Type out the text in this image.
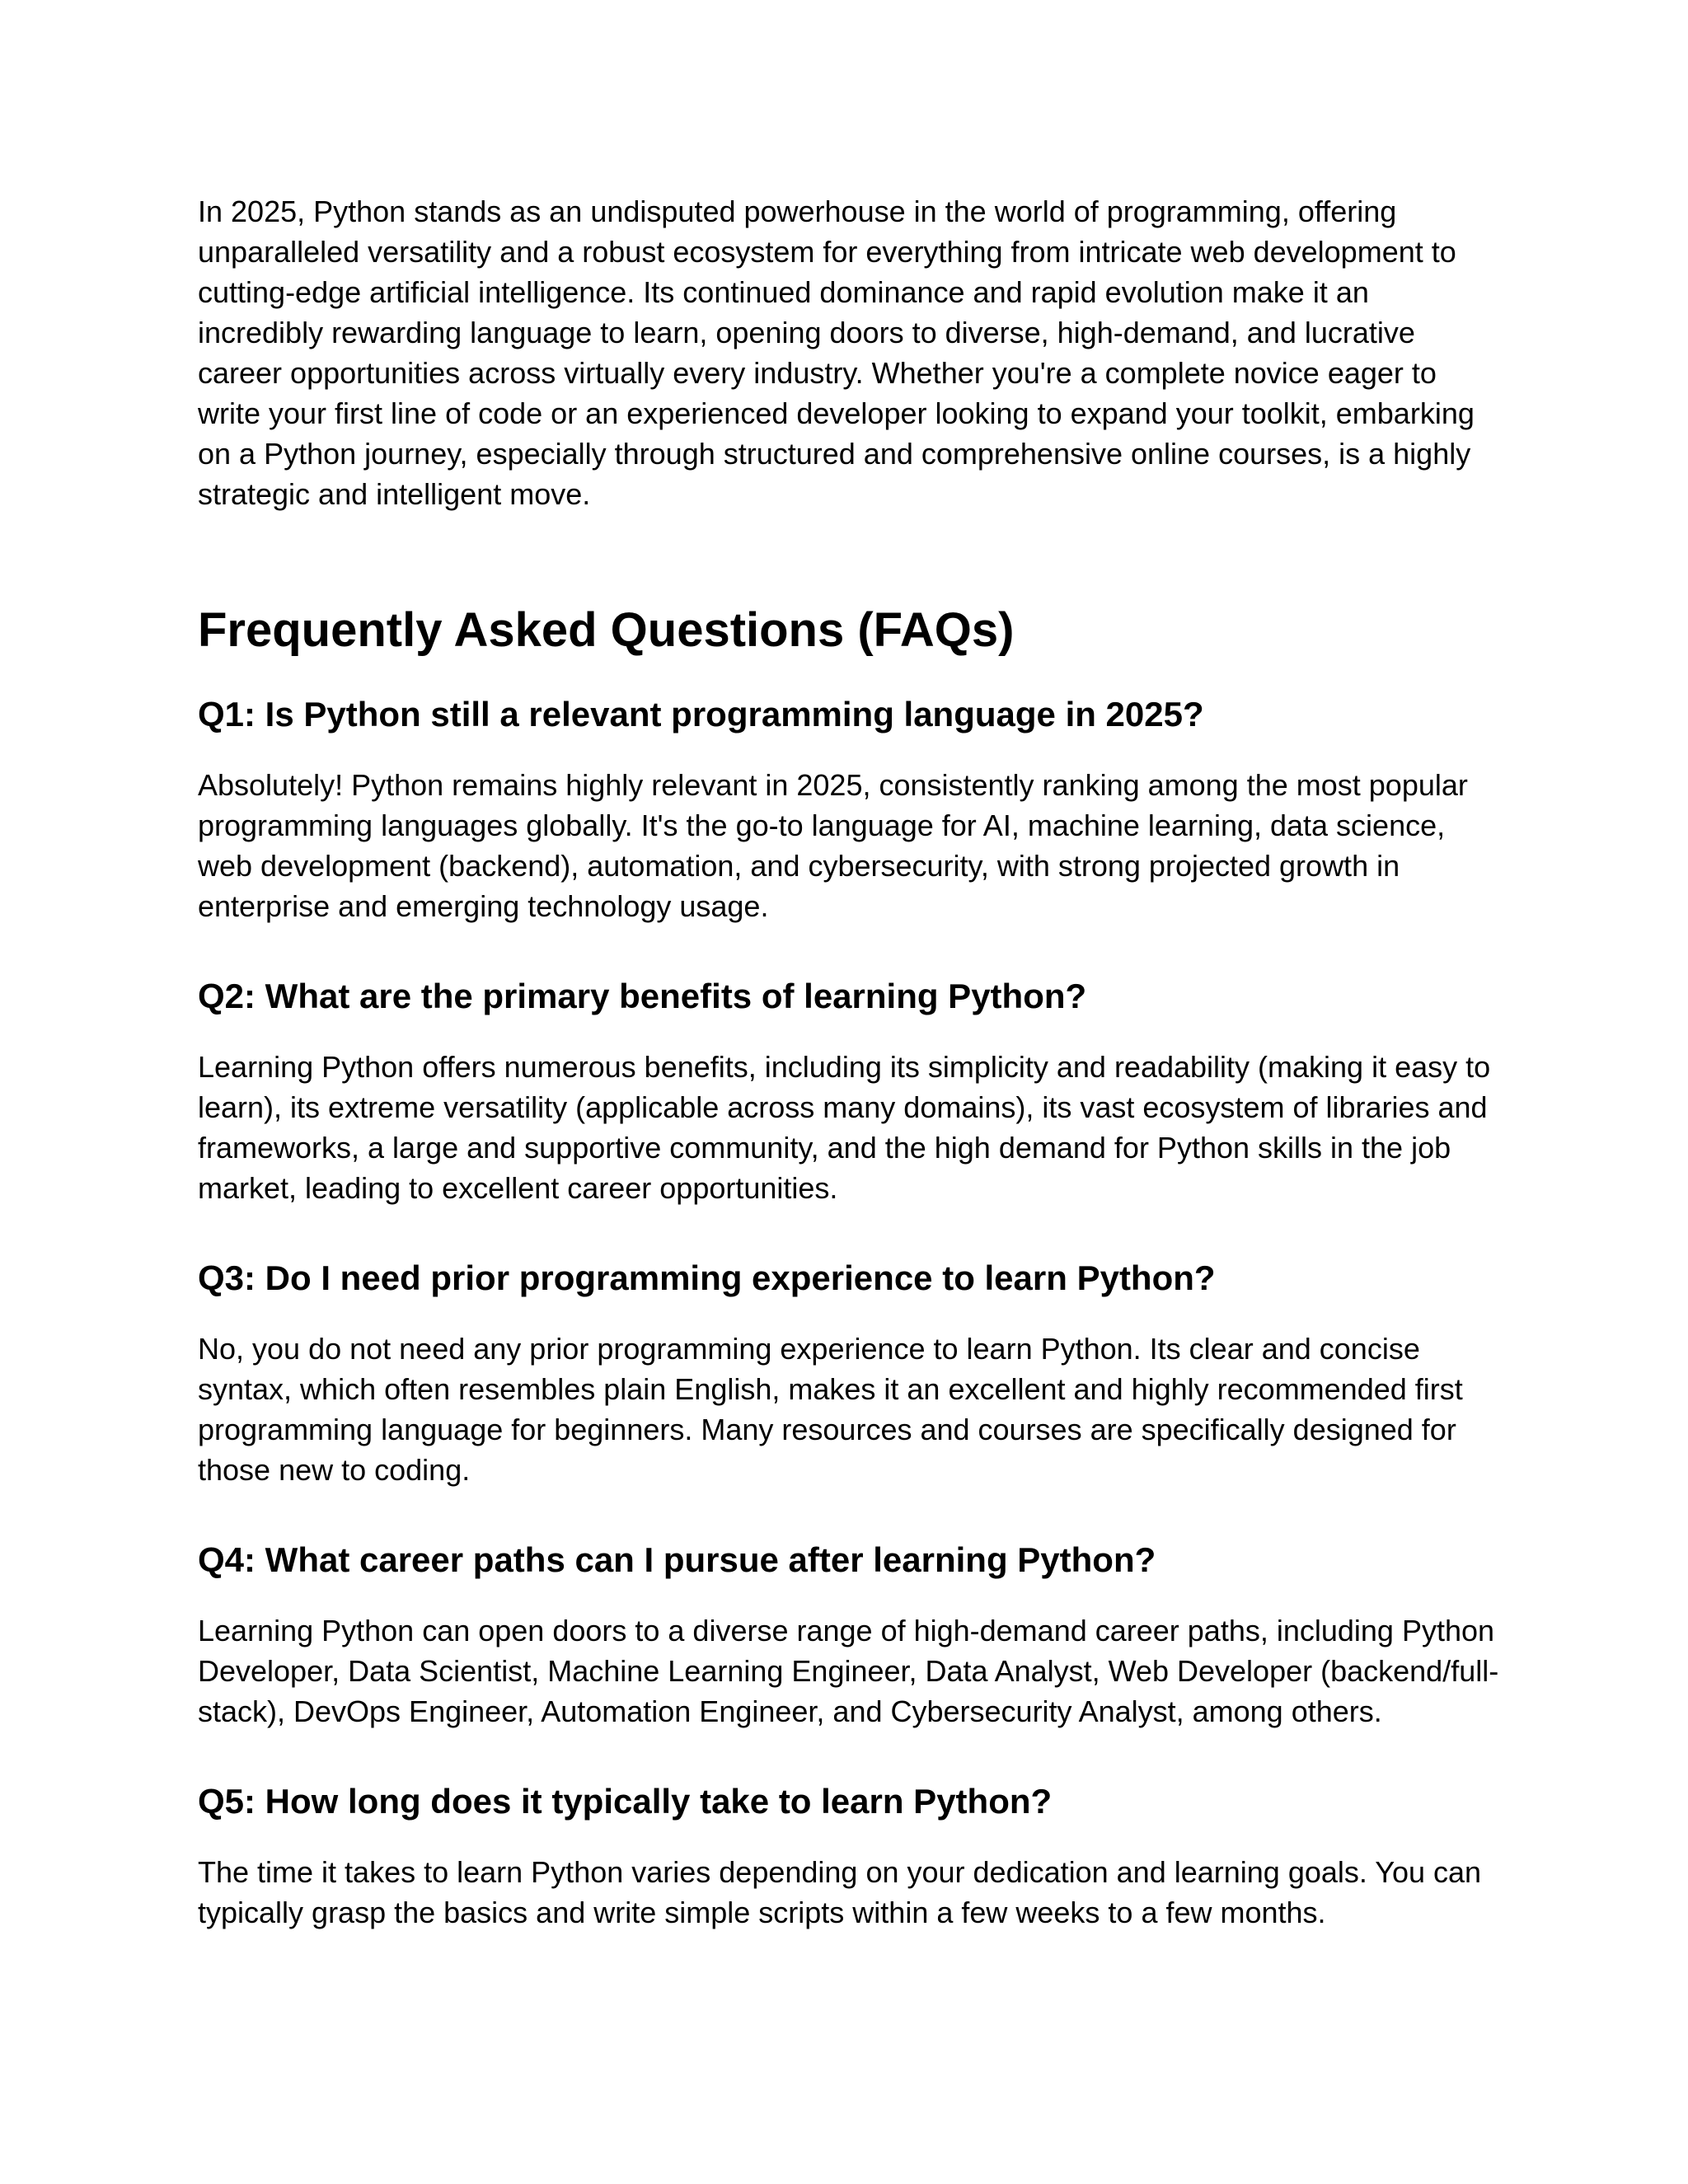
In 2025, Python stands as an undisputed powerhouse in the world of programming, offering unparalleled versatility and a robust ecosystem for everything from intricate web development to cutting-edge artificial intelligence. Its continued dominance and rapid evolution make it an incredibly rewarding language to learn, opening doors to diverse, high-demand, and lucrative career opportunities across virtually every industry. Whether you're a complete novice eager to write your first line of code or an experienced developer looking to expand your toolkit, embarking on a Python journey, especially through structured and comprehensive online courses, is a highly strategic and intelligent move.

Frequently Asked Questions (FAQs)
Q1: Is Python still a relevant programming language in 2025?

Absolutely! Python remains highly relevant in 2025, consistently ranking among the most popular programming languages globally. It's the go-to language for AI, machine learning, data science, web development (backend), automation, and cybersecurity, with strong projected growth in enterprise and emerging technology usage.

Q2: What are the primary benefits of learning Python?

Learning Python offers numerous benefits, including its simplicity and readability (making it easy to learn), its extreme versatility (applicable across many domains), its vast ecosystem of libraries and frameworks, a large and supportive community, and the high demand for Python skills in the job market, leading to excellent career opportunities.

Q3: Do I need prior programming experience to learn Python?

No, you do not need any prior programming experience to learn Python. Its clear and concise syntax, which often resembles plain English, makes it an excellent and highly recommended first programming language for beginners. Many resources and courses are specifically designed for those new to coding.

Q4: What career paths can I pursue after learning Python?

Learning Python can open doors to a diverse range of high-demand career paths, including Python Developer, Data Scientist, Machine Learning Engineer, Data Analyst, Web Developer (backend/full-stack), DevOps Engineer, Automation Engineer, and Cybersecurity Analyst, among others.

Q5: How long does it typically take to learn Python?

The time it takes to learn Python varies depending on your dedication and learning goals. You can typically grasp the basics and write simple scripts within a few weeks to a few months.
